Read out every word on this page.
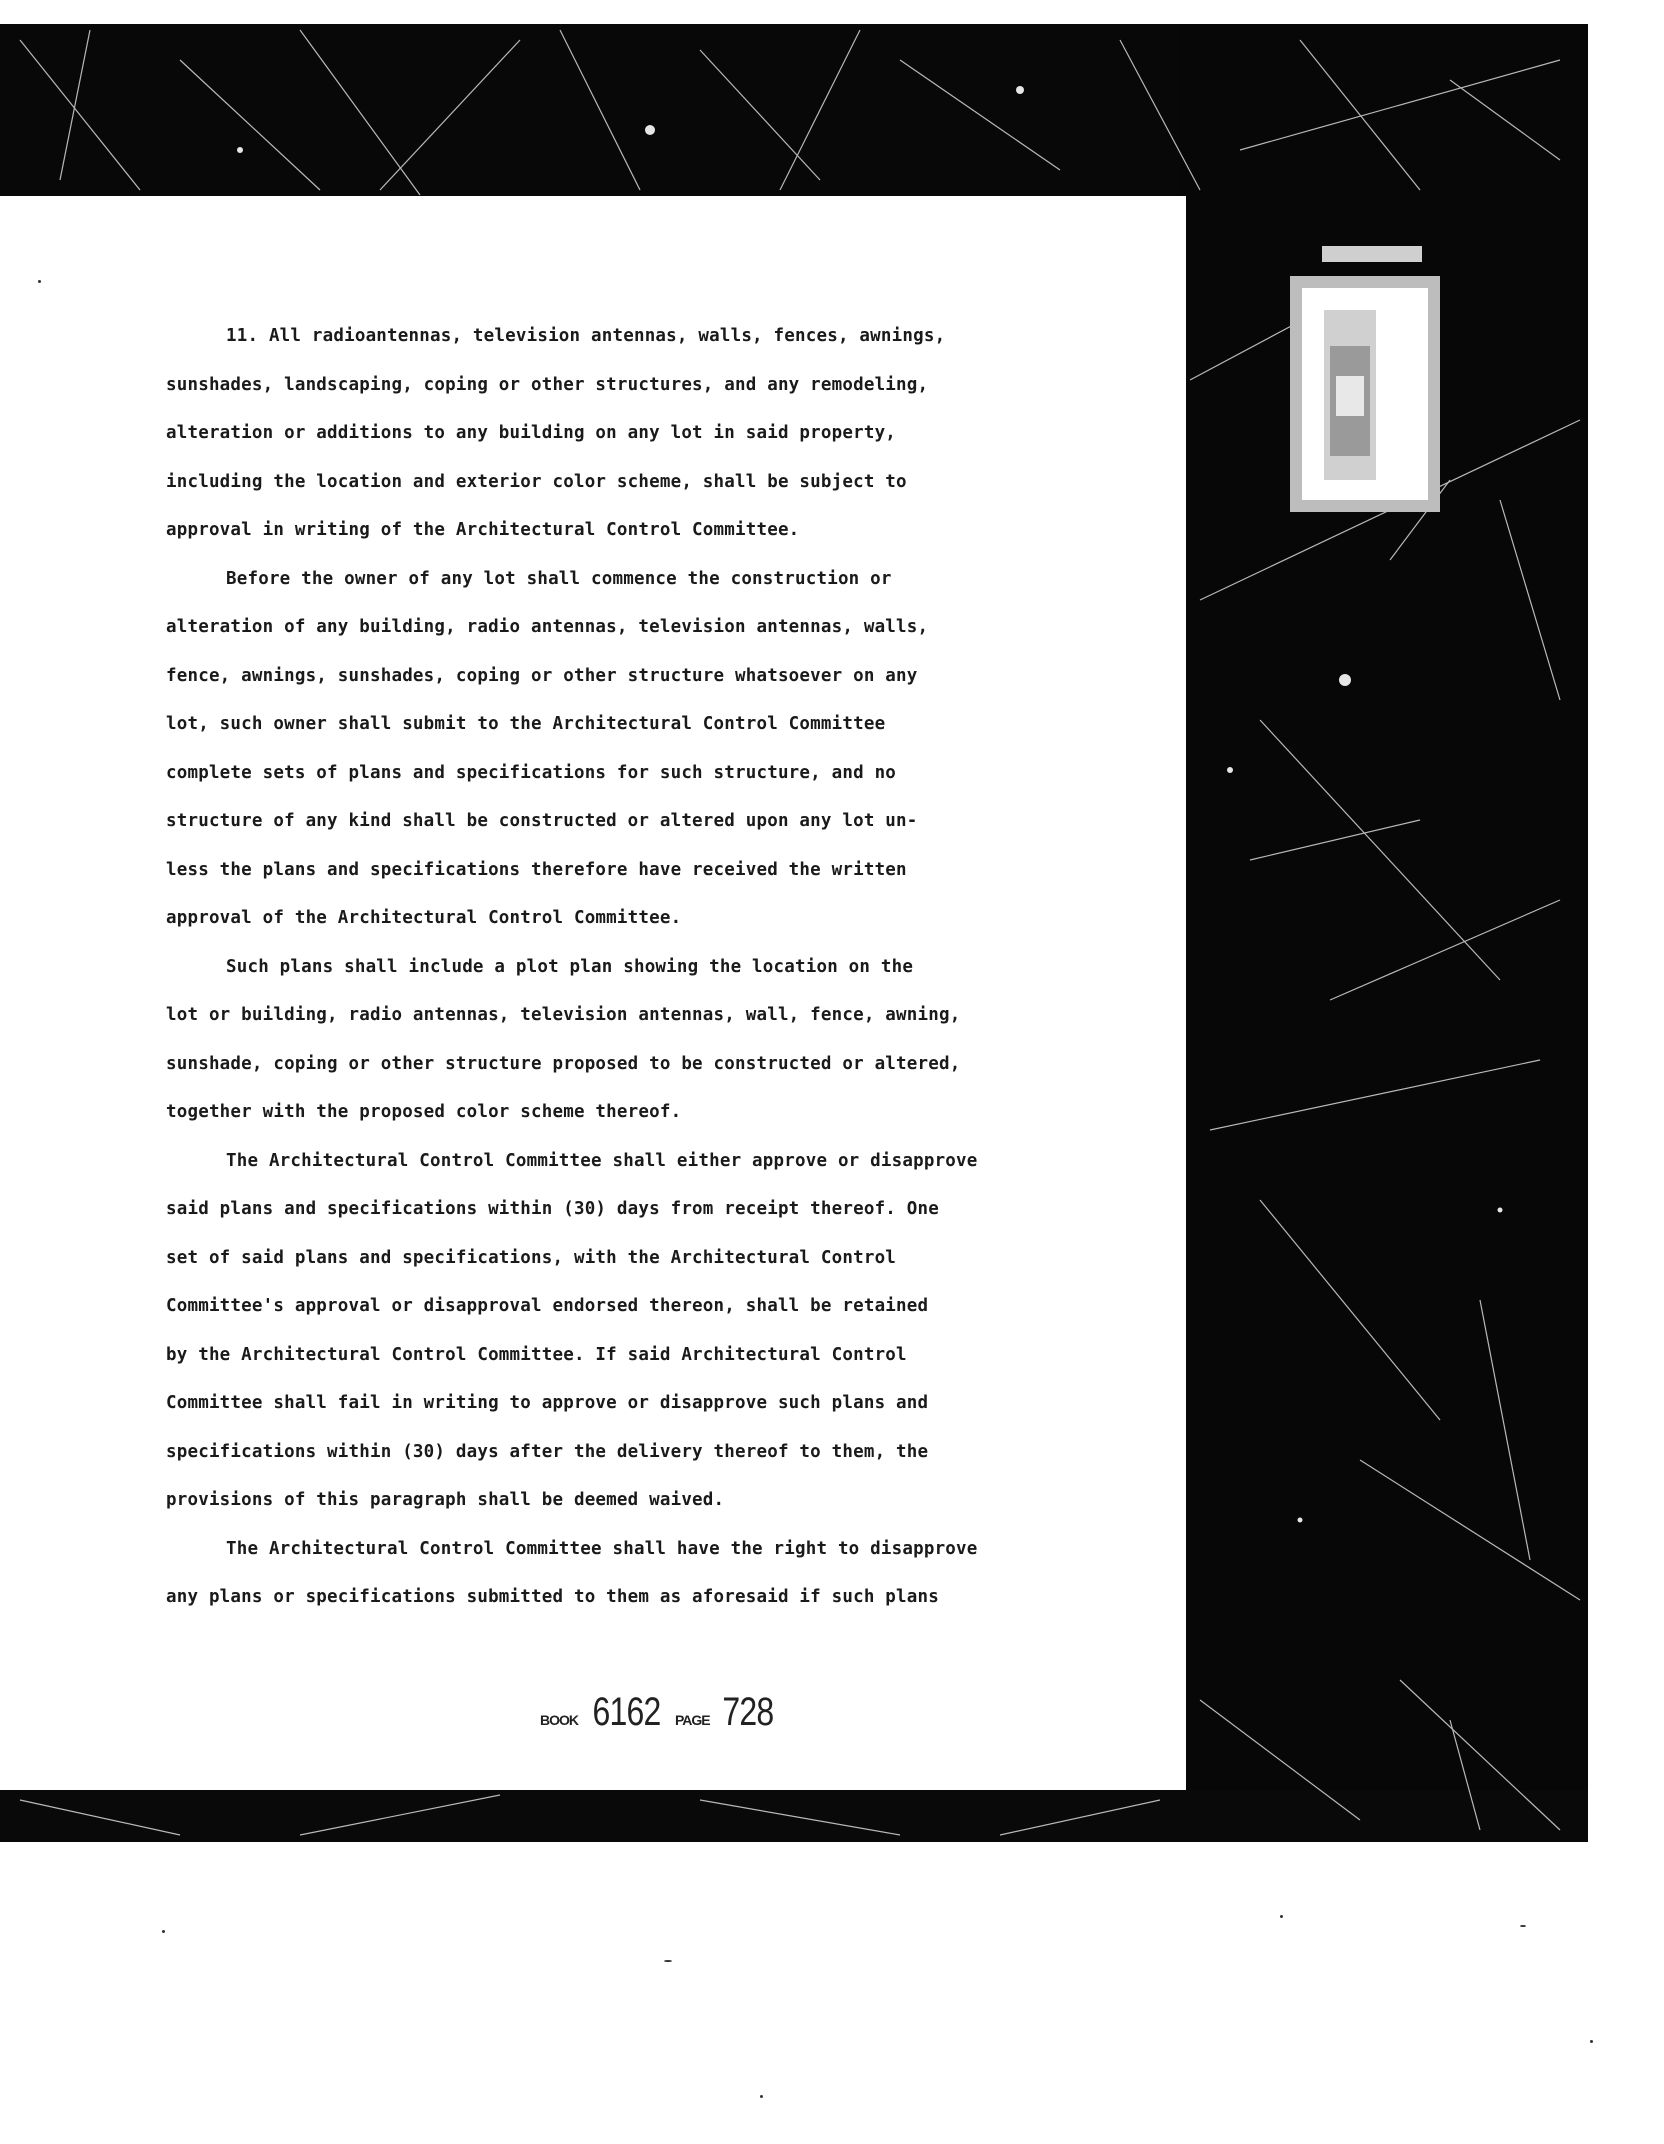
11. All radioantennas, television antennas, walls, fences, awnings,
sunshades, landscaping, coping or other structures, and any remodeling,
alteration or additions to any building on any lot in said property,
including the location and exterior color scheme, shall be subject to
approval in writing of the Architectural Control Committee.
Before the owner of any lot shall commence the construction or
alteration of any building, radio antennas, television antennas, walls,
fence, awnings, sunshades, coping or other structure whatsoever on any
lot, such owner shall submit to the Architectural Control Committee
complete sets of plans and specifications for such structure, and no
structure of any kind shall be constructed or altered upon any lot un-
less the plans and specifications therefore have received the written
approval of the Architectural Control Committee.
Such plans shall include a plot plan showing the location on the
lot or building, radio antennas, television antennas, wall, fence, awning,
sunshade, coping or other structure proposed to be constructed or altered,
together with the proposed color scheme thereof.
The Architectural Control Committee shall either approve or disapprove
said plans and specifications within (30) days from receipt thereof. One
set of said plans and specifications, with the Architectural Control
Committee's approval or disapproval endorsed thereon, shall be retained
by the Architectural Control Committee. If said Architectural Control
Committee shall fail in writing to approve or disapprove such plans and
specifications within (30) days after the delivery thereof to them, the
provisions of this paragraph shall be deemed waived.
The Architectural Control Committee shall have the right to disapprove
any plans or specifications submitted to them as aforesaid if such plans
BOOK 6162 PAGE 728
